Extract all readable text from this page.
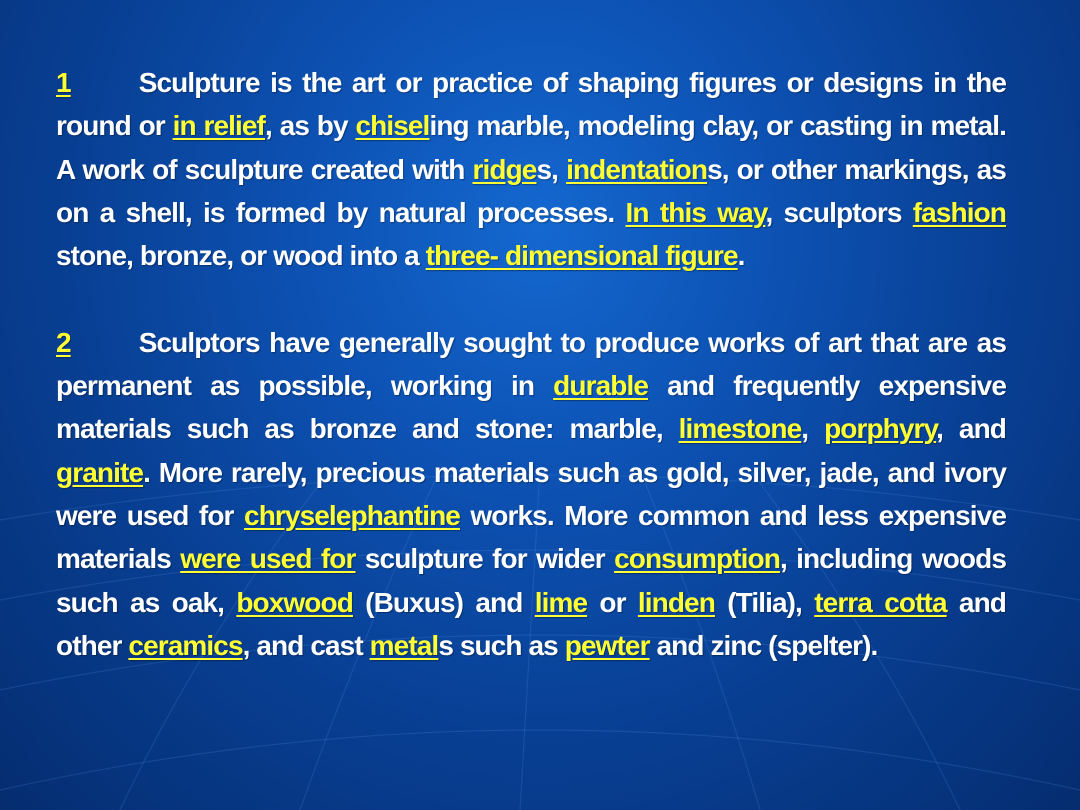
1 Sculpture is the art or practice of shaping figures or designs in the round or in relief, as by chiseling marble, modeling clay, or casting in metal. A work of sculpture created with ridges, indentations, or other markings, as on a shell, is formed by natural processes. In this way, sculptors fashion stone, bronze, or wood into a three- dimensional figure.

2 Sculptors have generally sought to produce works of art that are as permanent as possible, working in durable and frequently expensive materials such as bronze and stone: marble, limestone, porphyry, and granite. More rarely, precious materials such as gold, silver, jade, and ivory were used for chryselephantine works. More common and less expensive materials were used for sculpture for wider consumption, including woods such as oak, boxwood (Buxus) and lime or linden (Tilia), terra cotta and other ceramics, and cast metals such as pewter and zinc (spelter).
